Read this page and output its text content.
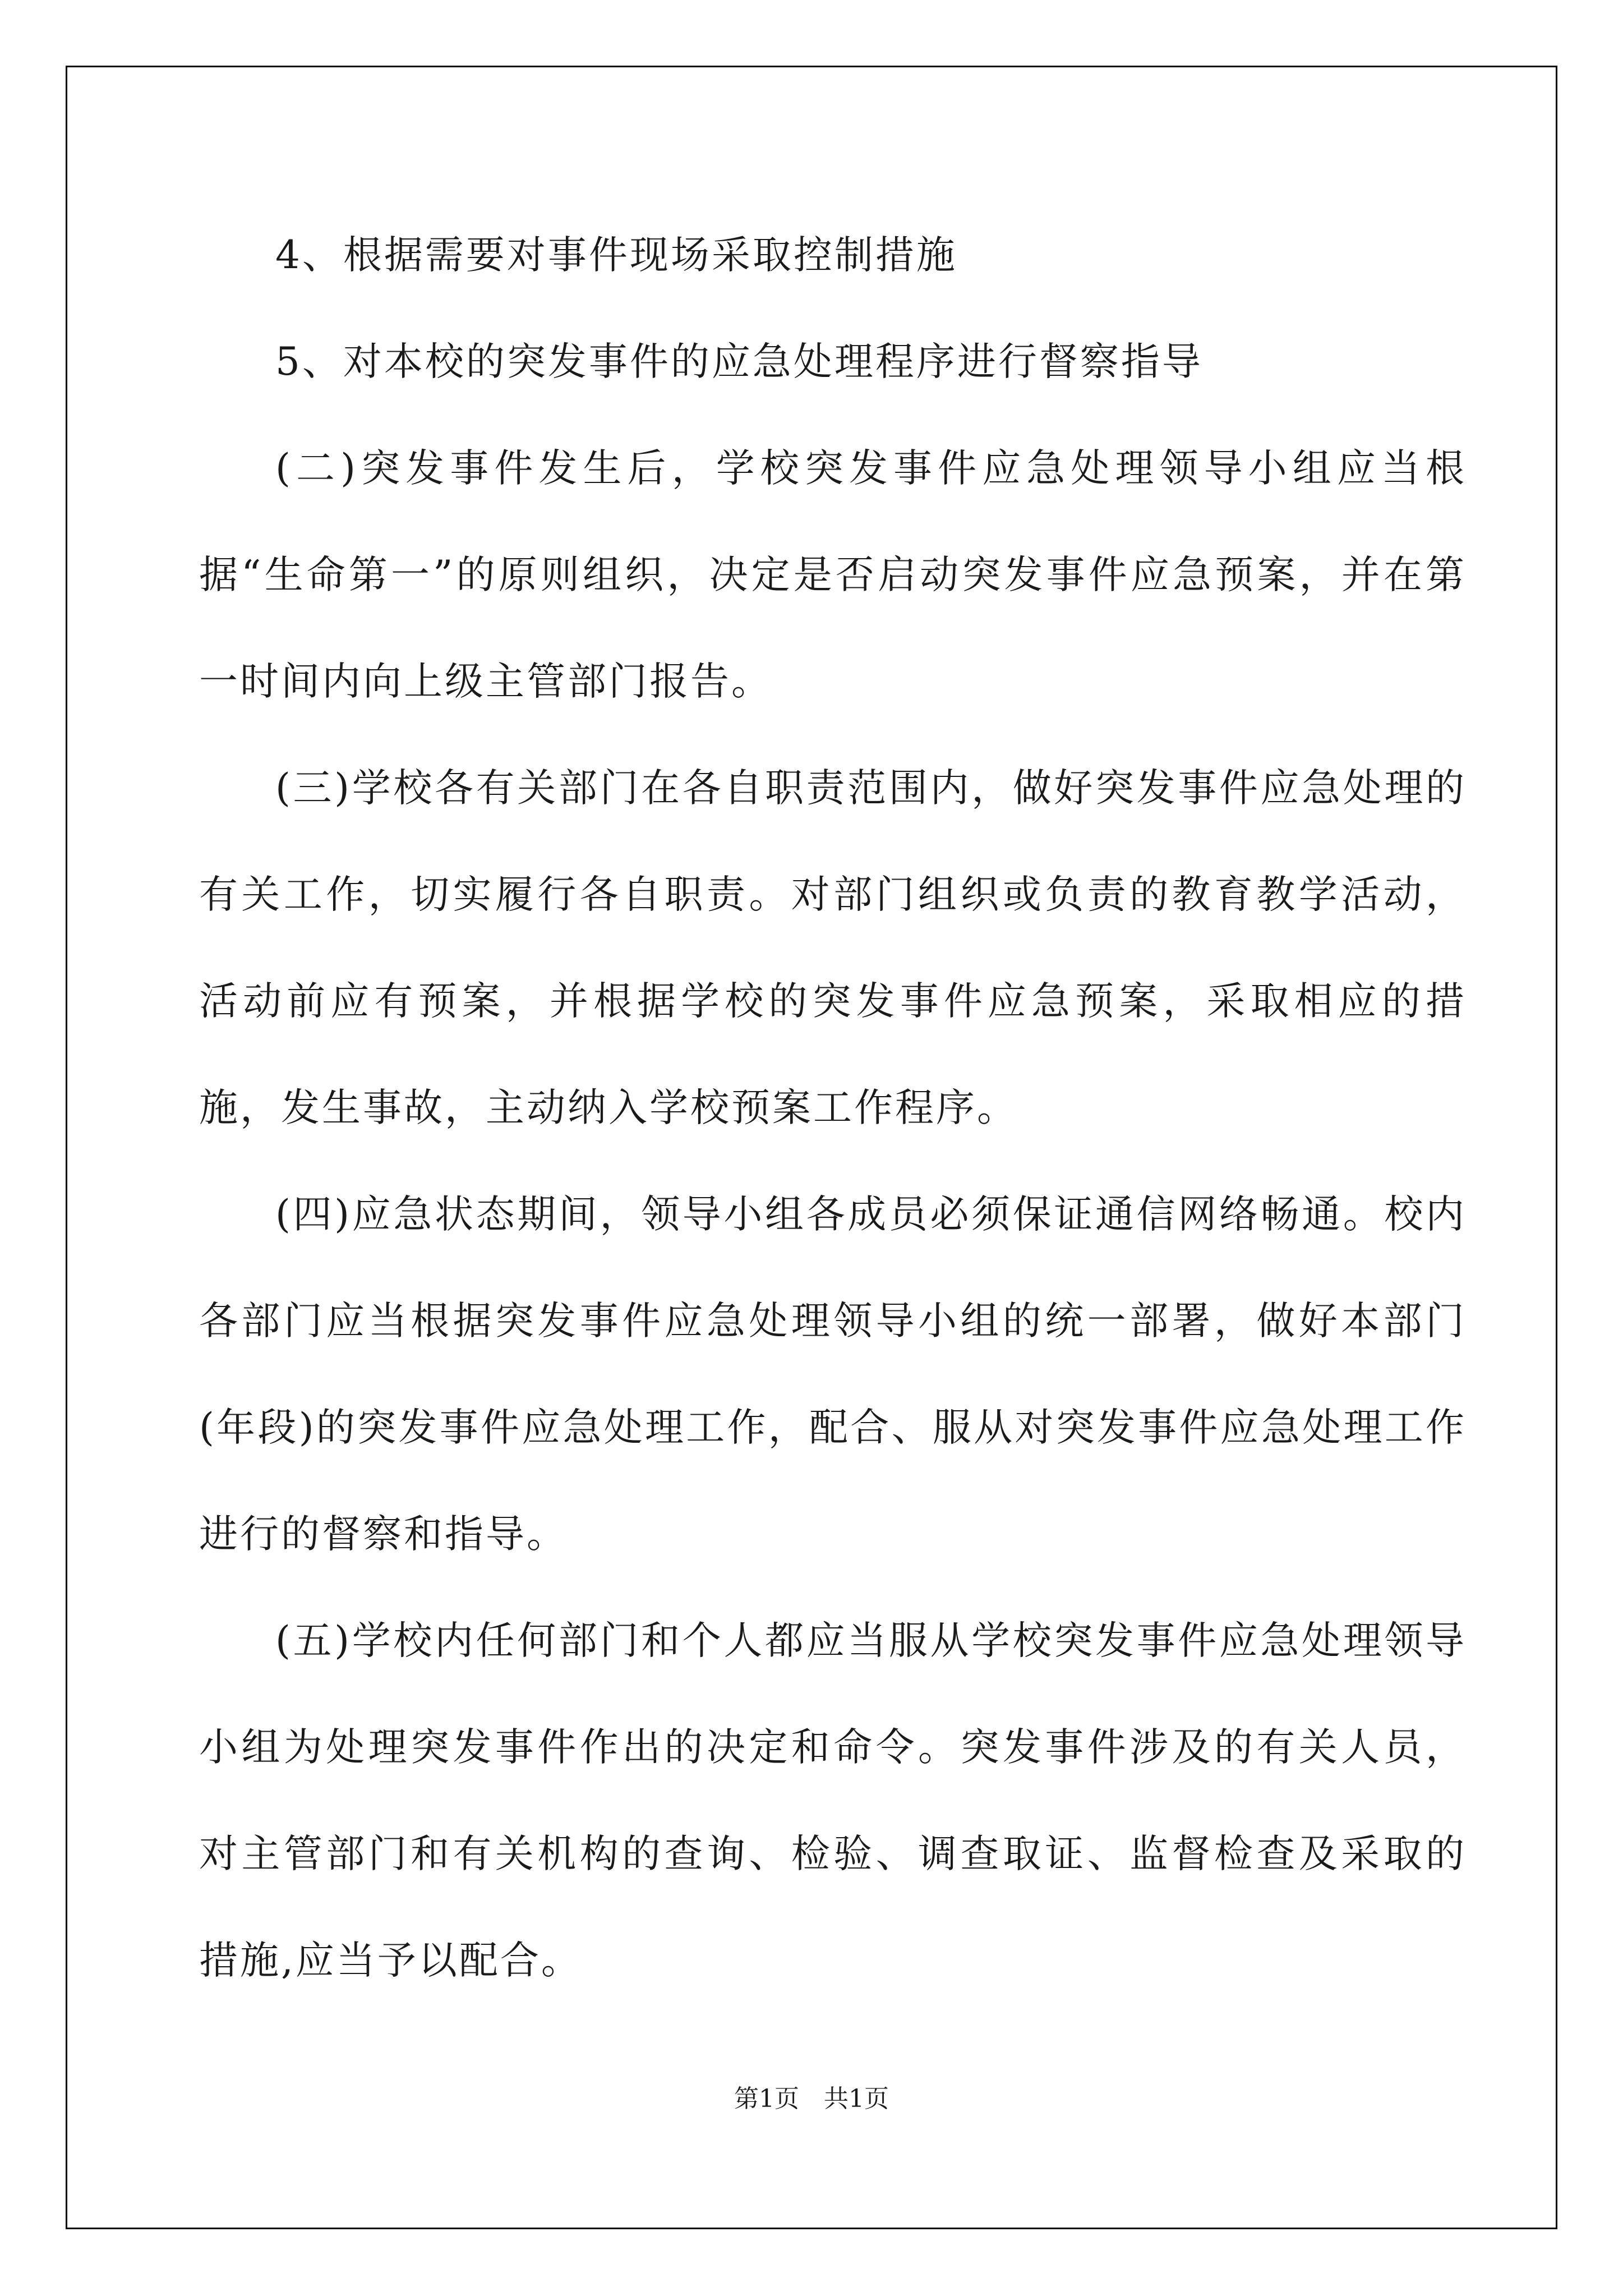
4、根据需要对事件现场采取控制措施

5、对本校的突发事件的应急处理程序进行督察指导

(二)突发事件发生后，学校突发事件应急处理领导小组应当根据“生命第一”的原则组织，决定是否启动突发事件应急预案，并在第一时间内向上级主管部门报告。

(三)学校各有关部门在各自职责范围内，做好突发事件应急处理的有关工作，切实履行各自职责。对部门组织或负责的教育教学活动，活动前应有预案，并根据学校的突发事件应急预案，采取相应的措施，发生事故，主动纳入学校预案工作程序。

(四)应急状态期间，领导小组各成员必须保证通信网络畅通。校内各部门应当根据突发事件应急处理领导小组的统一部署，做好本部门(年段)的突发事件应急处理工作，配合、服从对突发事件应急处理工作进行的督察和指导。

(五)学校内任何部门和个人都应当服从学校突发事件应急处理领导小组为处理突发事件作出的决定和命令。突发事件涉及的有关人员，对主管部门和有关机构的查询、检验、调查取证、监督检查及采取的措施,应当予以配合。

第1页　共1页
